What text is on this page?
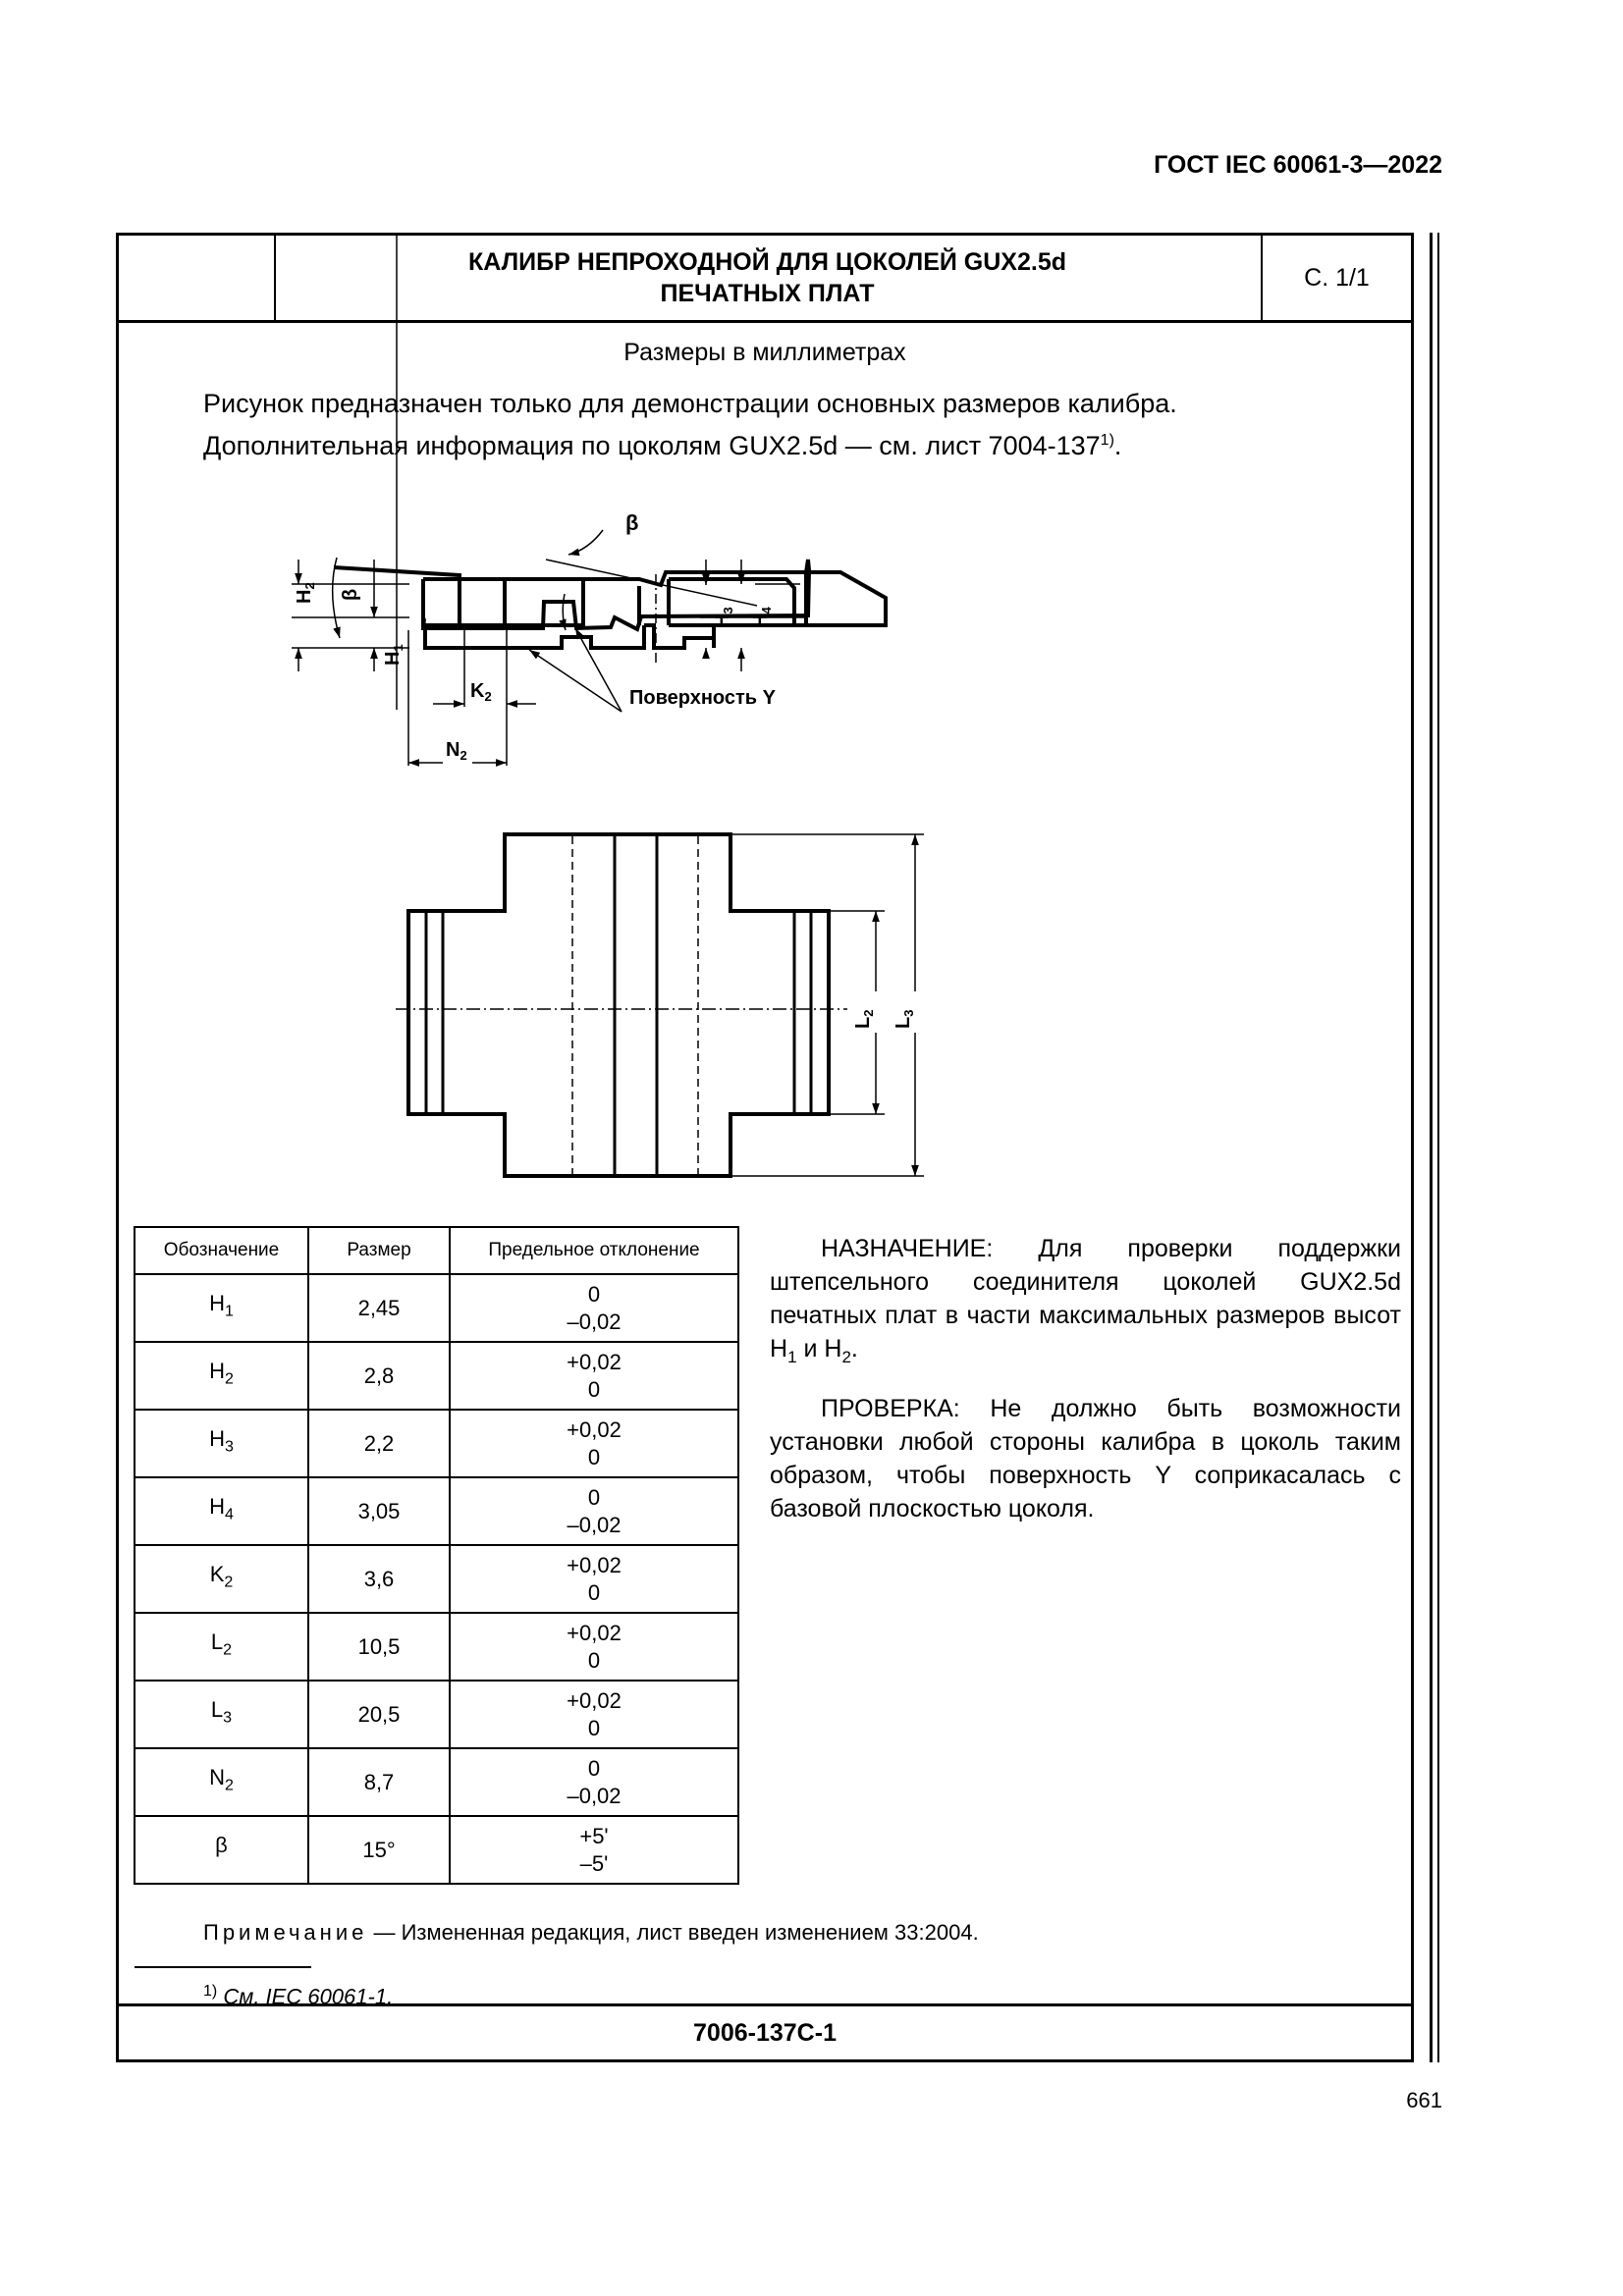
ГОСТ IEC 60061-3—2022
КАЛИБР НЕПРОХОДНОЙ ДЛЯ ЦОКОЛЕЙ GUX2.5d
ПЕЧАТНЫХ ПЛАТ
С. 1/1
Размеры в миллиметрах
Рисунок предназначен только для демонстрации основных размеров калибра.
Дополнительная информация по цоколям GUX2.5d — см. лист 7004-137$^{1)}$.
$H_2$
β
$H_1$
β
$H_3$
$H_4$
$K_2$
$N_2$
Поверхность Y
$L_2$
$L_3$
Обозначение	Размер	Предельное отклонение
$H_1$	2,45	0
–0,02

$H_2$	2,8	+0,02
0

$H_3$	2,2	+0,02
0

$H_4$	3,05	0
–0,02

$K_2$	3,6	+0,02
0

$L_2$	10,5	+0,02
0

$L_3$	20,5	+0,02
0

$N_2$	8,7	0
–0,02

β	15°	+5'
–5'

НАЗНАЧЕНИЕ: Для проверки поддержки штепсельного соединителя цоколей GUX2.5d печатных плат в части максимальных размеров высот $H_1$ и $H_2$.

ПРОВЕРКА: Не должно быть возможности установки любой стороны калибра в цоколь таким образом, чтобы поверхность Y соприкасалась с базовой плоскостью цоколя.

Примечание — Измененная редакция, лист введен изменением 33:2004.
$^{1)}$ См. IEC 60061-1.
7006-137C-1
661
